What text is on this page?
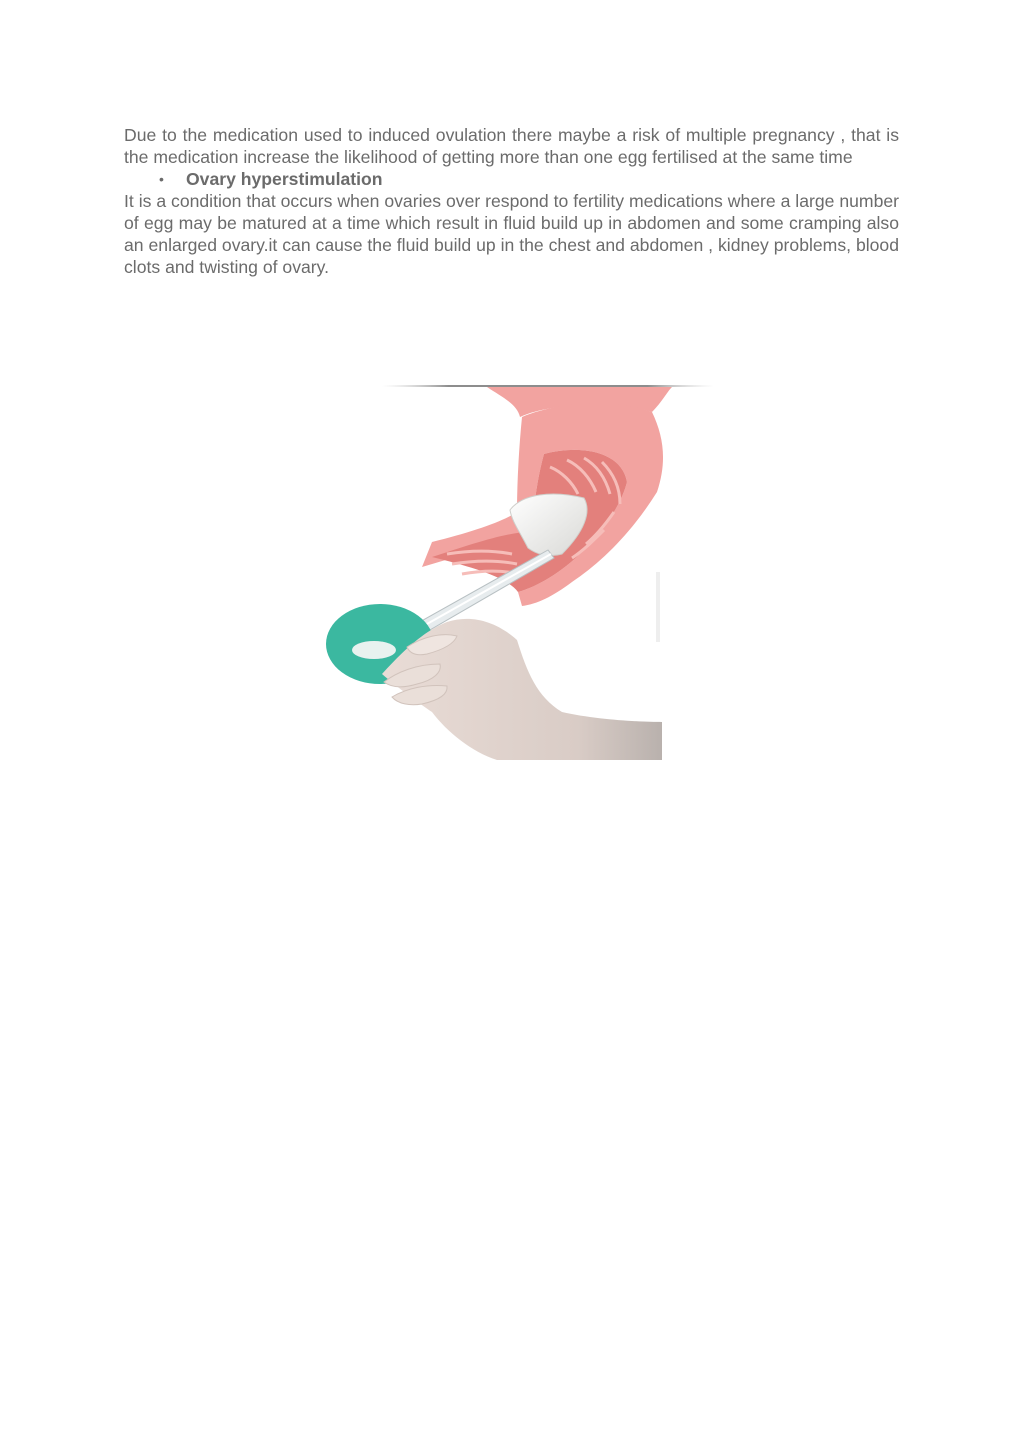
Due to the medication used to induced ovulation there maybe a risk of multiple pregnancy , that is the medication increase the likelihood of getting more than one egg fertilised at the same time

• Ovary hyperstimulation

It is a condition that occurs when ovaries over respond to fertility medications where a large number of egg may be matured at a time which result in fluid build up in abdomen and some cramping also an enlarged ovary.it can cause the fluid build up in the chest and abdomen , kidney problems, blood clots and twisting of ovary.
